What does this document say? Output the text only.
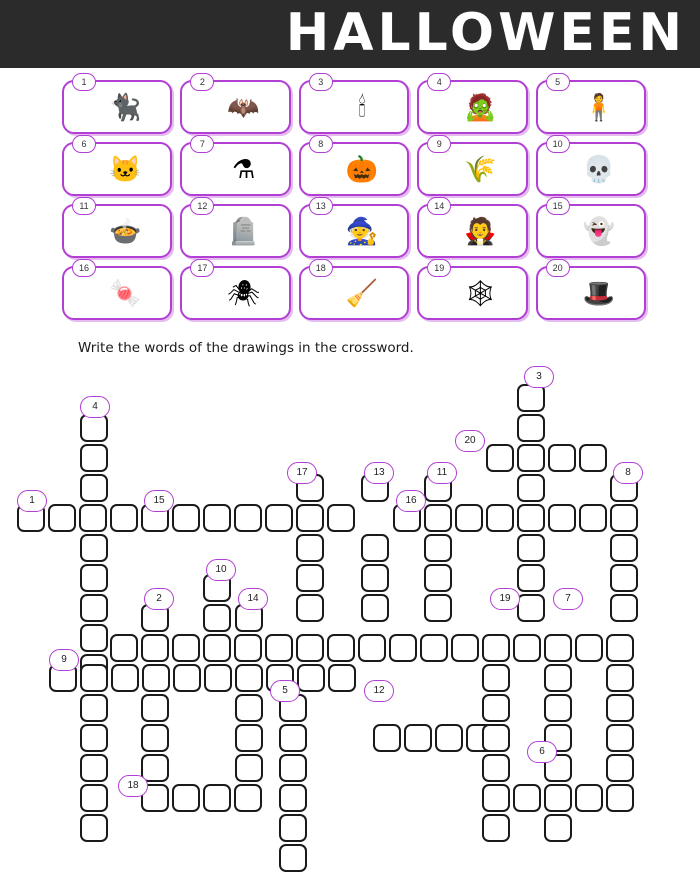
HALLOWEEN
1
🐈‍⬛
2
🦇
3
🕯
4
🧟
5
🧍
6
🐱
7
⚗
8
🎃
9
🌾
10
💀
11
🍲
12
🪦
13
🧙
14
🧛
15
👻
16
🍬
17
🕷
18
🧹
19
🕸
20
🎩
Write the words of the drawings in the crossword.
3
4
20
17	13	11	8
1	15	16
10
2	14	19	7
9
5	12
6
18
